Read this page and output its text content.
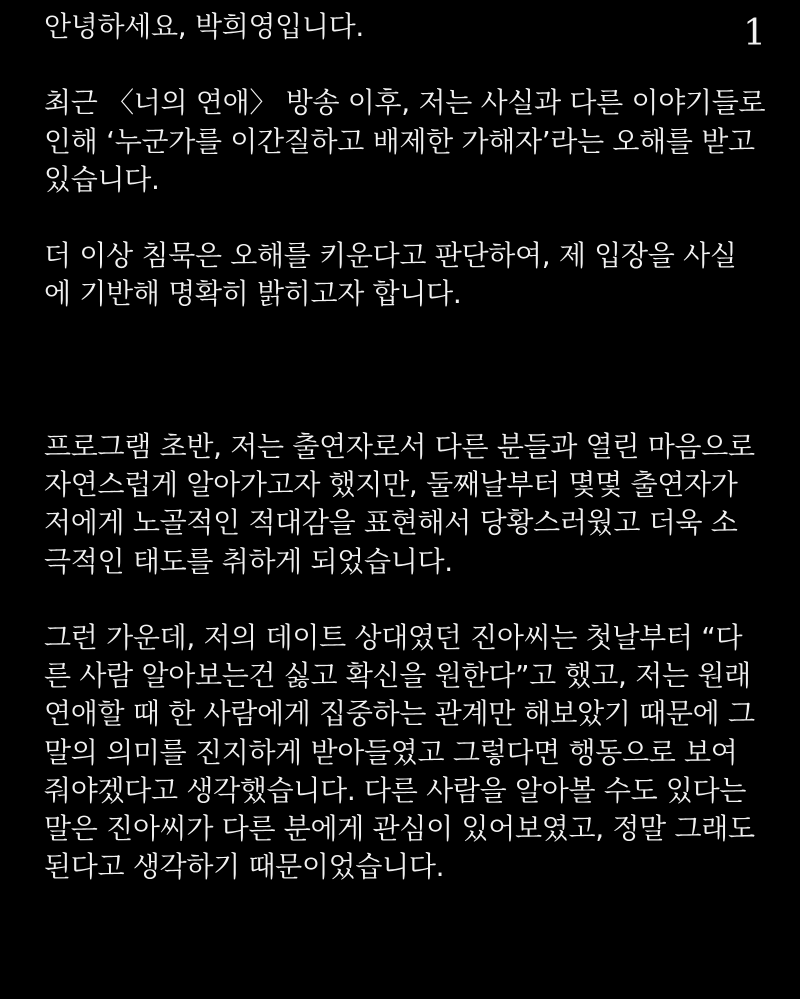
1
안녕하세요, 박희영입니다.
최근 〈너의 연애〉 방송 이후, 저는 사실과 다른 이야기들로
인해 ‘누군가를 이간질하고 배제한 가해자’라는 오해를 받고
있습니다.
더 이상 침묵은 오해를 키운다고 판단하여, 제 입장을 사실
에 기반해 명확히 밝히고자 합니다.
프로그램 초반, 저는 출연자로서 다른 분들과 열린 마음으로
자연스럽게 알아가고자 했지만, 둘째날부터 몇몇 출연자가
저에게 노골적인 적대감을 표현해서 당황스러웠고 더욱 소
극적인 태도를 취하게 되었습니다.
그런 가운데, 저의 데이트 상대였던 진아씨는 첫날부터 “다
른 사람 알아보는건 싫고 확신을 원한다”고 했고, 저는 원래
연애할 때 한 사람에게 집중하는 관계만 해보았기 때문에 그
말의 의미를 진지하게 받아들였고 그렇다면 행동으로 보여
줘야겠다고 생각했습니다. 다른 사람을 알아볼 수도 있다는
말은 진아씨가 다른 분에게 관심이 있어보였고, 정말 그래도
된다고 생각하기 때문이었습니다.
